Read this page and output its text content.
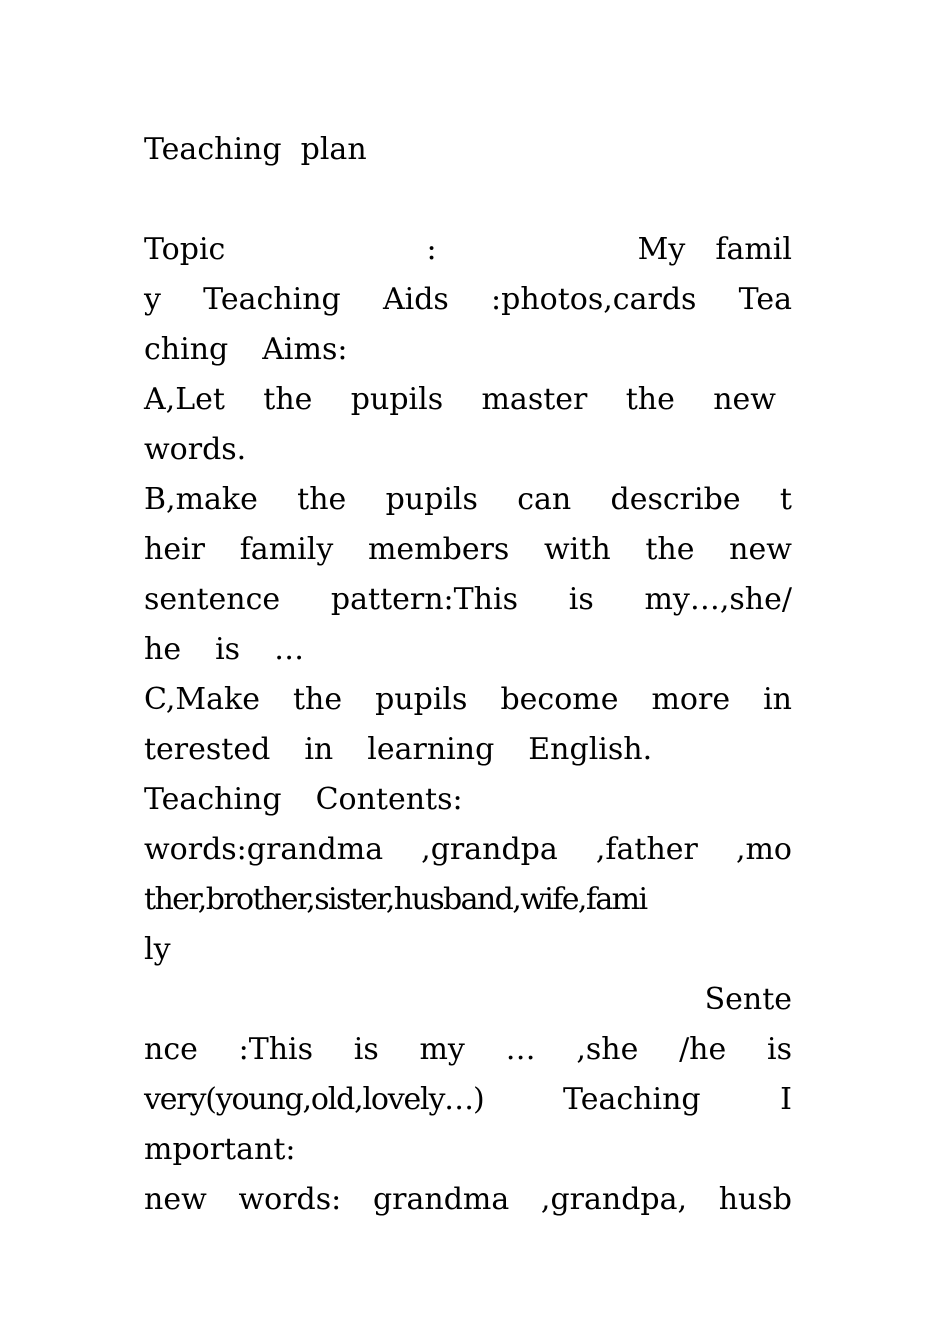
Teaching  plan
Topic	:	My famil
y Teaching Aids :photos,cards Tea
ching Aims:
A,Let the pupils master the new
words.
B,make the pupils can describe t
heir family members with the new
sentence pattern:This is my…,she/
he is …
C,Make the pupils become more in
terested in learning English.
Teaching Contents:
words:grandma ,grandpa ,father ,mo
ther,brother,sister,husband,wife,fami
ly
Sente
nce :This is my … ,she /he is
very(young,old,lovely…)	Teaching	I
mportant:
new words: grandma ,grandpa, husb
